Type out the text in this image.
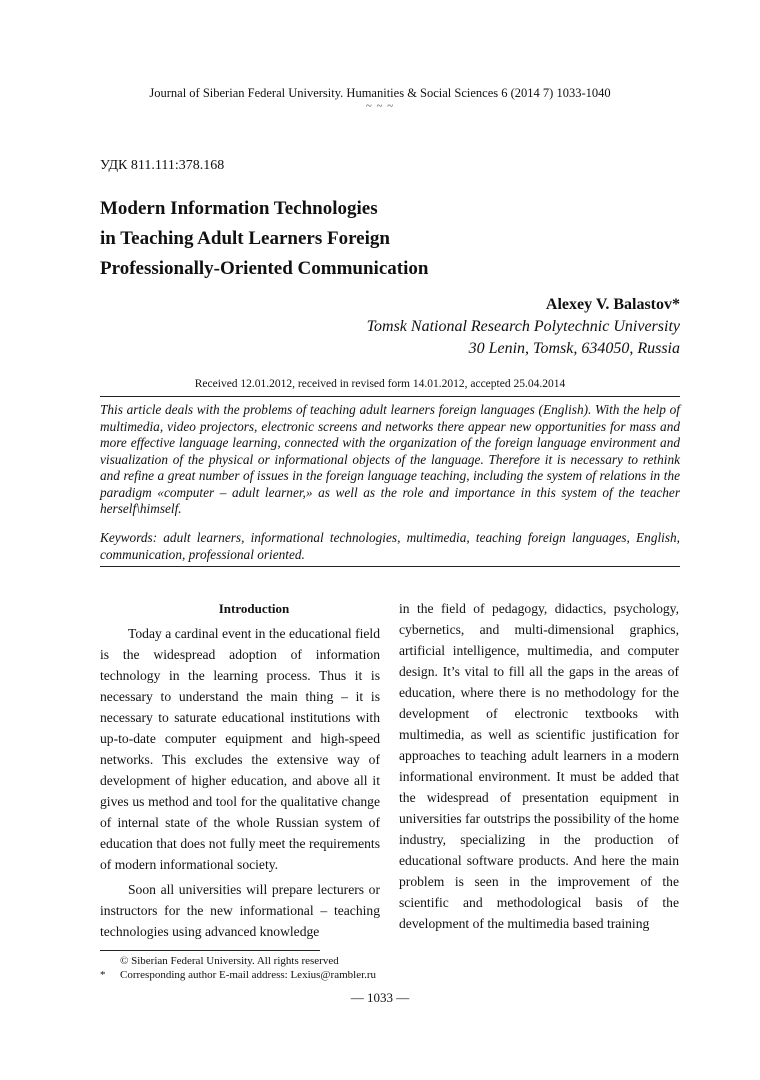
Journal of Siberian Federal University. Humanities & Social Sciences 6 (2014 7) 1033-1040
~ ~ ~
УДК 811.111:378.168
Modern Information Technologies
in Teaching Adult Learners Foreign
Professionally-Oriented Communication
Alexey V. Balastov*
Tomsk National Research Polytechnic University
30 Lenin, Tomsk, 634050, Russia
Received 12.01.2012, received in revised form 14.01.2012, accepted 25.04.2014
This article deals with the problems of teaching adult learners foreign languages (English). With the help of multimedia, video projectors, electronic screens and networks there appear new opportunities for mass and more effective language learning, connected with the organization of the foreign language environment and visualization of the physical or informational objects of the language. Therefore it is necessary to rethink and refine a great number of issues in the foreign language teaching, including the system of relations in the paradigm «computer – adult learner,» as well as the role and importance in this system of the teacher herself\himself.
Keywords: adult learners, informational technologies, multimedia, teaching foreign languages, English, communication, professional oriented.

Introduction

Today a cardinal event in the educational field is the widespread adoption of information technology in the learning process. Thus it is necessary to understand the main thing – it is necessary to saturate educational institutions with up-to-date computer equipment and high-speed networks. This excludes the extensive way of development of higher education, and above all it gives us method and tool for the qualitative change of internal state of the whole Russian system of education that does not fully meet the requirements of modern informational society.

Soon all universities will prepare lecturers or instructors for the new informational – teaching technologies using advanced knowledge

in the field of pedagogy, didactics, psychology, cybernetics, and multi-dimensional graphics, artificial intelligence, multimedia, and computer design. It’s vital to fill all the gaps in the areas of education, where there is no methodology for the development of electronic textbooks with multimedia, as well as scientific justification for approaches to teaching adult learners in a modern informational environment. It must be added that the widespread of presentation equipment in universities far outstrips the possibility of the home industry, specializing in the production of educational software products. And here the main problem is seen in the improvement of the scientific and methodological basis of the development of the multimedia based training

© Siberian Federal University. All rights reserved
* Corresponding author E-mail address: Lexius@rambler.ru
— 1033 —
